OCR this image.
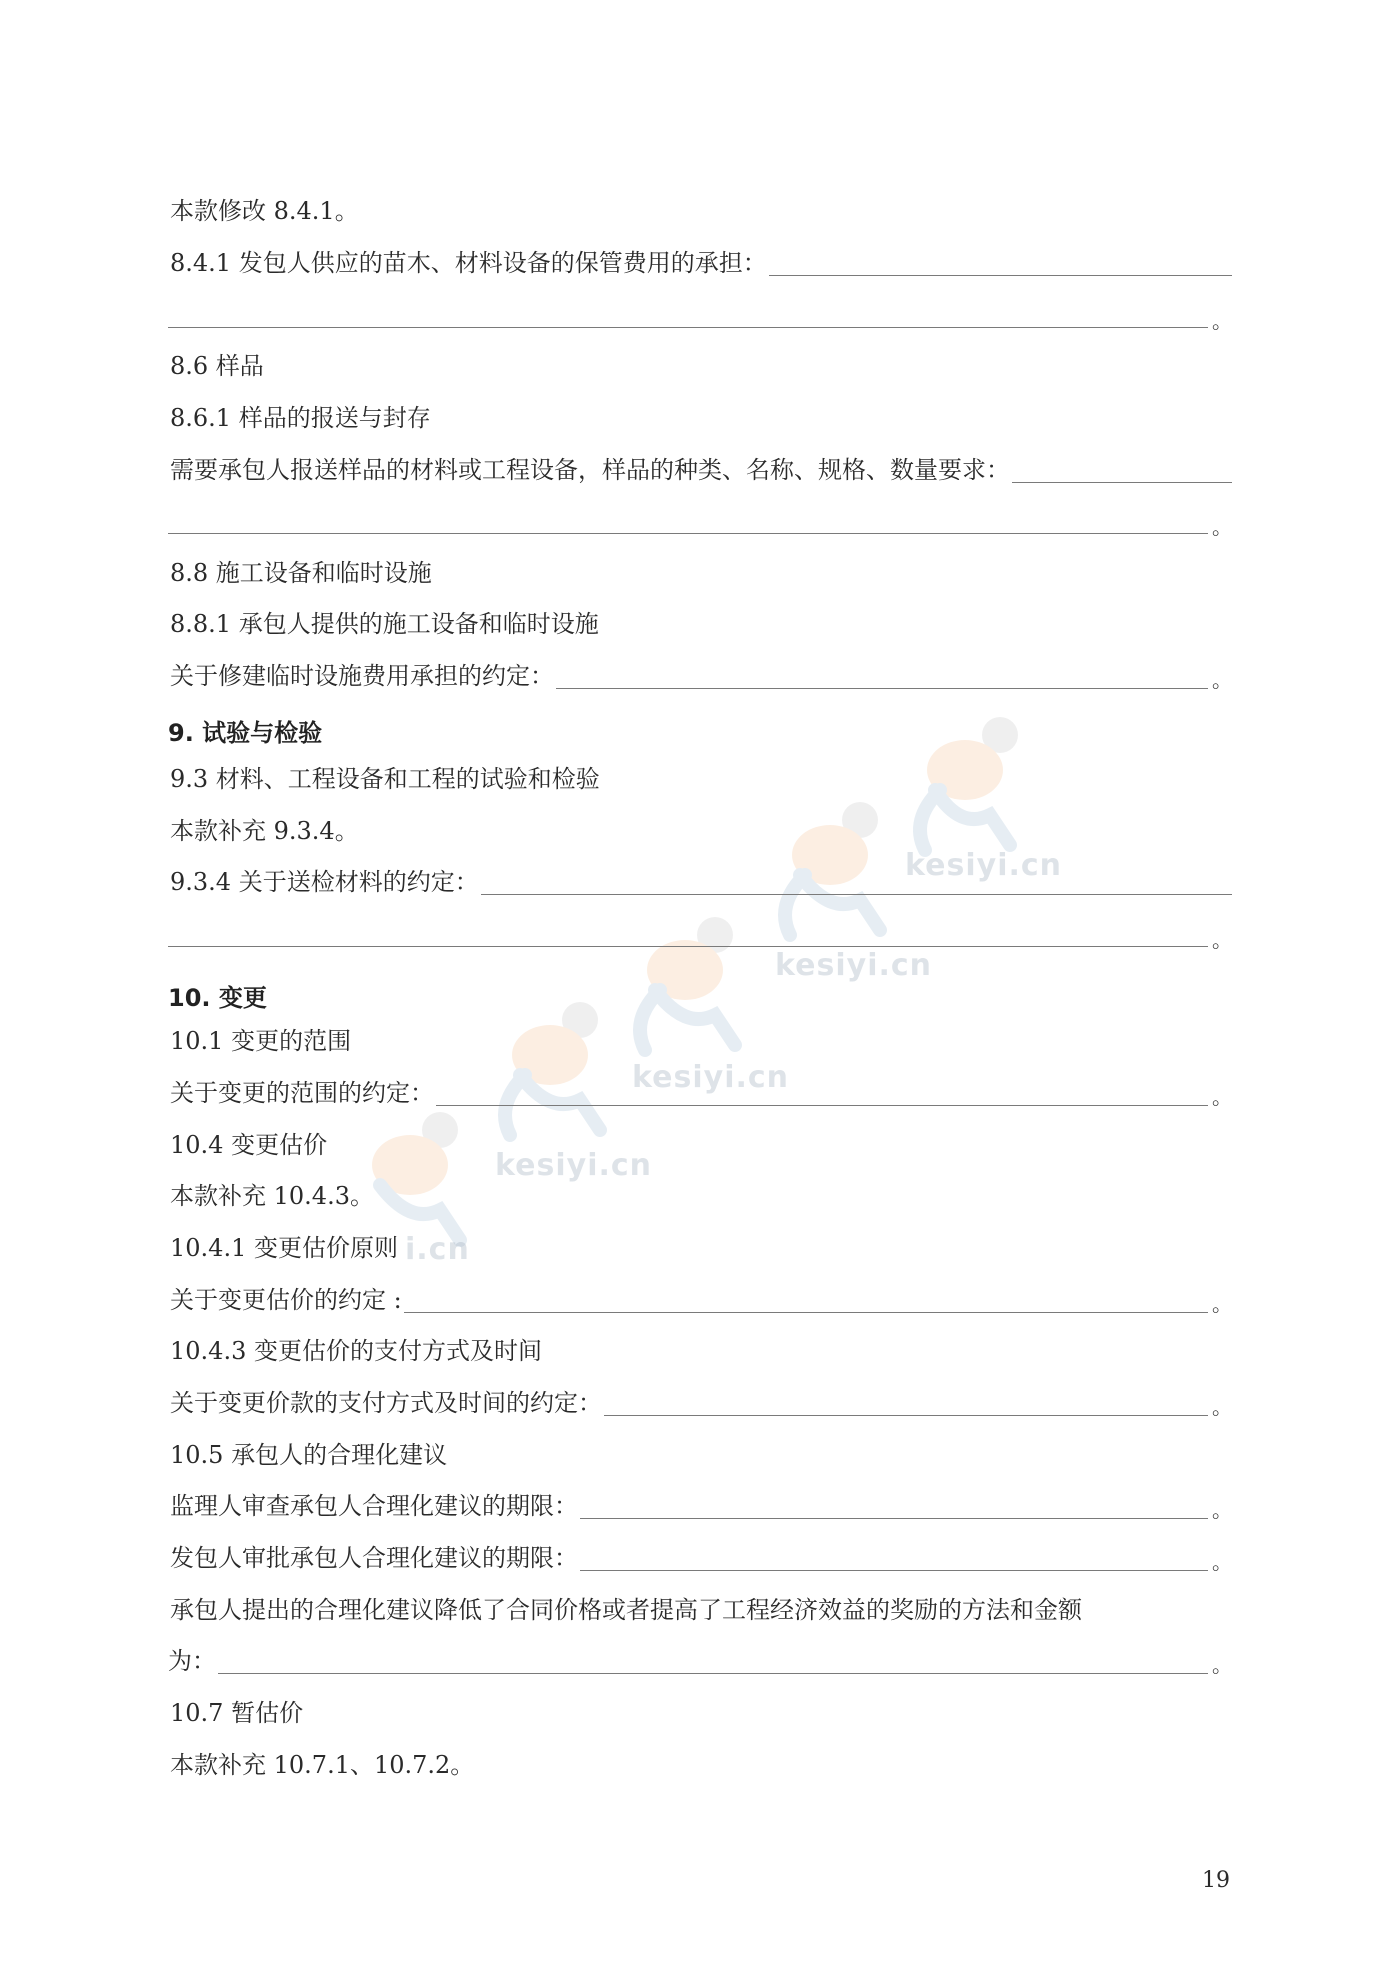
kesiyi.cn
kesiyi.cn
kesiyi.cn
kesiyi.cn
i.cn
本款修改 8.4.1。
8.4.1 发包人供应的苗木、材料设备的保管费用的承担：
。
8.6 样品
8.6.1 样品的报送与封存
需要承包人报送样品的材料或工程设备，样品的种类、名称、规格、数量要求：
。
8.8 施工设备和临时设施
8.8.1 承包人提供的施工设备和临时设施
关于修建临时设施费用承担的约定：	。
9. 试验与检验
9.3 材料、工程设备和工程的试验和检验
本款补充 9.3.4。
9.3.4 关于送检材料的约定：
。
10. 变更
10.1 变更的范围
关于变更的范围的约定：	。
10.4 变更估价
本款补充 10.4.3。
10.4.1 变更估价原则
关于变更估价的约定 :	。
10.4.3 变更估价的支付方式及时间
关于变更价款的支付方式及时间的约定：	。
10.5 承包人的合理化建议
监理人审查承包人合理化建议的期限：	。
发包人审批承包人合理化建议的期限：	。
承包人提出的合理化建议降低了合同价格或者提高了工程经济效益的奖励的方法和金额
为：	。
10.7 暂估价
本款补充 10.7.1、10.7.2。
19
